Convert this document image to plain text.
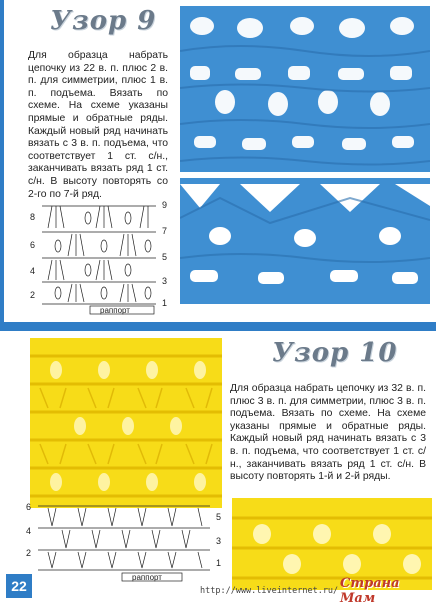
Узор 9

Для образца набрать цепочку из 22 в. п. плюс 2 в. п. для симметрии, плюс 1 в. п. подъема. Вязать по схеме. На схеме указаны прямые и обратные ряды. Каждый новый ряд начинать вязать с 3 в. п. подъема, что соответствует 1 ст. с/н., заканчивать вязать ряд 1 ст. с/н. В высоту повторять со 2-го по 7-й ряд.

8
6
4
2
9
7
5
3
1
раппорт
Узор 10

Для образца набрать цепочку из 32 в. п. плюс 3 в. п. для симметрии, плюс 3 в. п. подъема. Вязать по схеме. На схеме указаны прямые и обратные ряды. Каждый новый ряд начинать вязать с 3 в. п. подъема, что соответствует 1 ст. с/н., заканчивать вязать ряд 1 ст. с/н. В высоту повторять 1-й и 2-й ряды.

6
4
2
5
3
1
раппорт
22	http://www.liveinternet.ru/ Страна Мам
